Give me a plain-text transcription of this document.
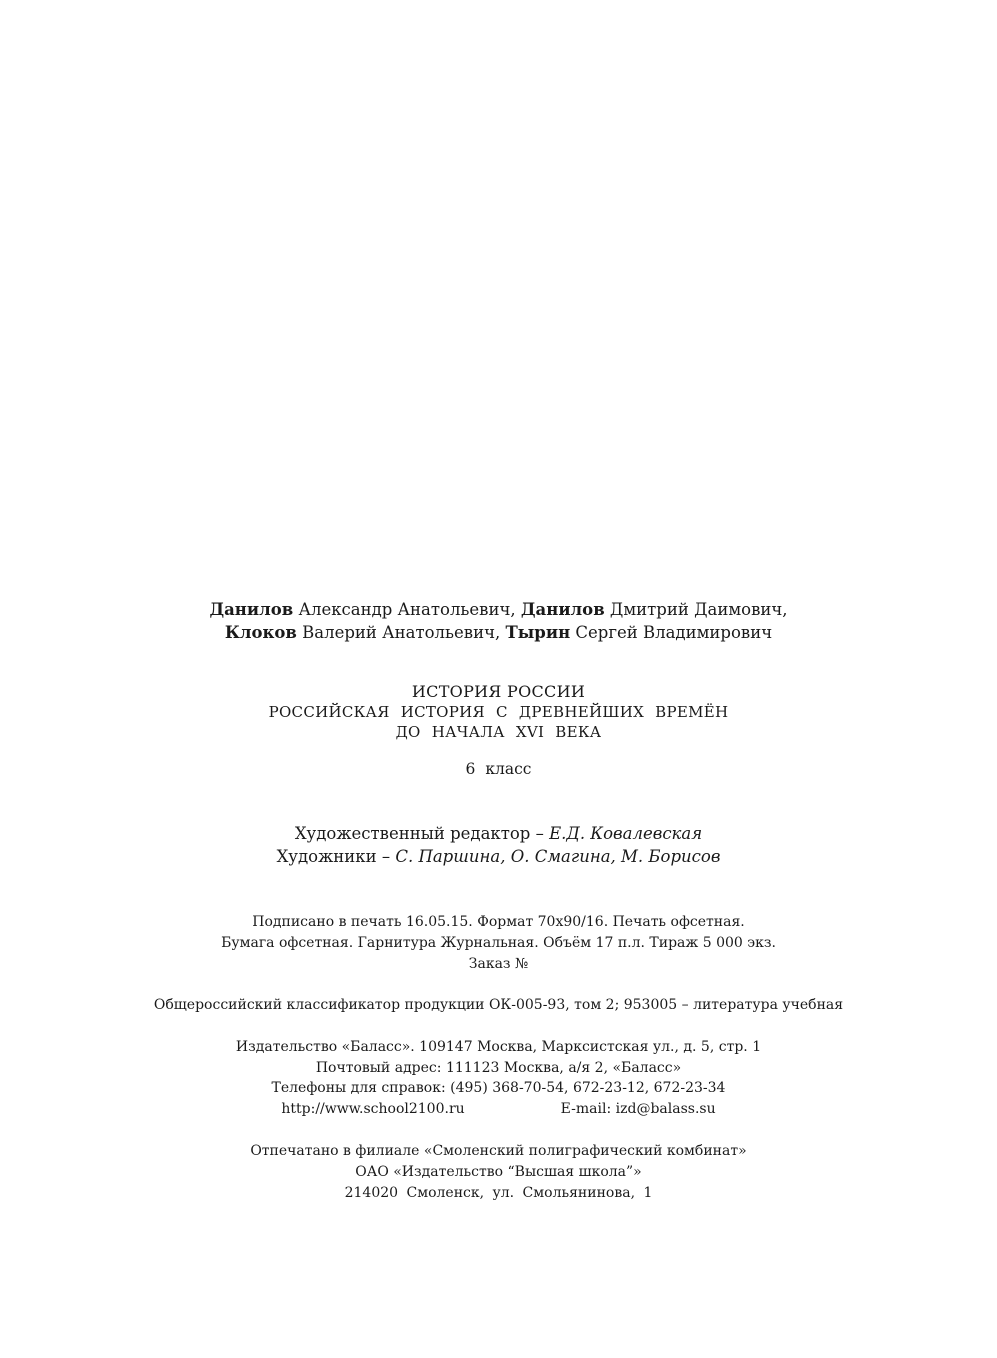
Данилов Александр Анатольевич, Данилов Дмитрий Даимович,
Клоков Валерий Анатольевич, Тырин Сергей Владимирович
ИСТОРИЯ РОССИИ
РОССИЙСКАЯ ИСТОРИЯ С ДРЕВНЕЙШИХ ВРЕМЁН
ДО НАЧАЛА XVI ВЕКА
6 класс
Художественный редактор – Е.Д. Ковалевская
Художники – С. Паршина, О. Смагина, М. Борисов
Подписано в печать 16.05.15. Формат 70х90/16. Печать офсетная.
Бумага офсетная. Гарнитура Журнальная. Объём 17 п.л. Тираж 5 000 экз.
Заказ №
Общероссийский классификатор продукции ОК-005-93, том 2; 953005 – литература учебная
Издательство «Баласс». 109147 Москва, Марксистская ул., д. 5, стр. 1
Почтовый адрес: 111123 Москва, а/я 2, «Баласс»
Телефоны для справок: (495) 368-70-54, 672-23-12, 672-23-34
http://www.school2100.ru	E-mail: izd@balass.su
Отпечатано в филиале «Смоленский полиграфический комбинат»
ОАО «Издательство “Высшая школа”»
214020 Смоленск, ул. Смольянинова, 1
